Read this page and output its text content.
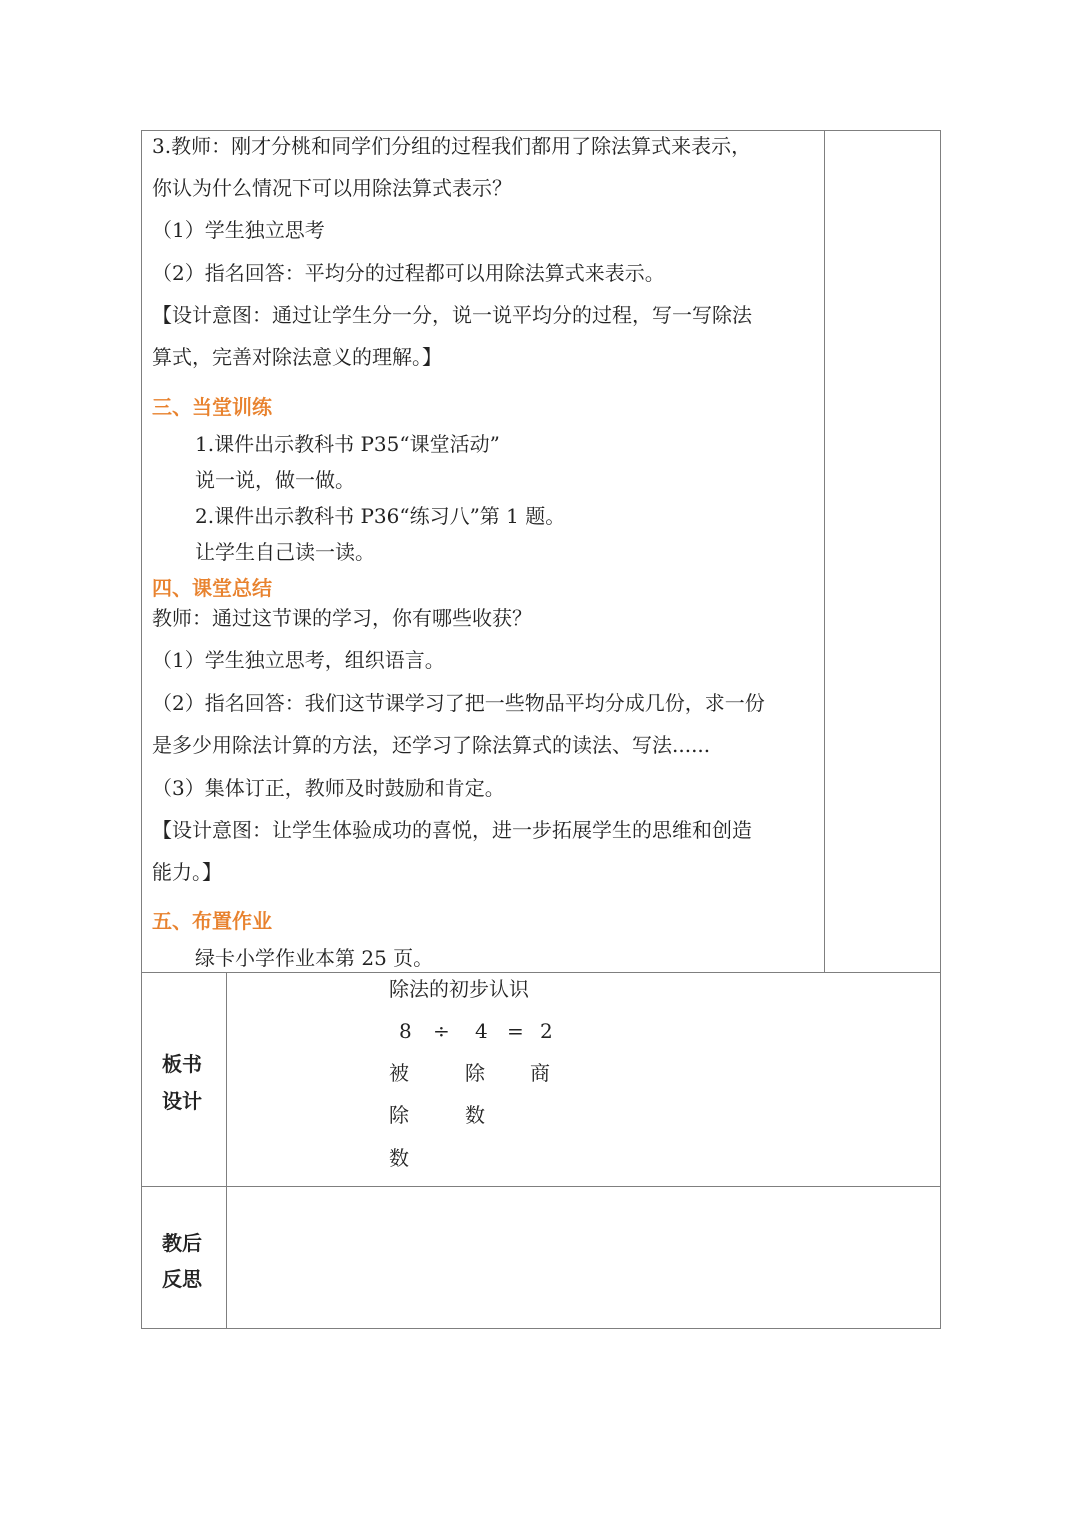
3.教师：刚才分桃和同学们分组的过程我们都用了除法算式来表示，
你认为什么情况下可以用除法算式表示？
（1）学生独立思考
（2）指名回答：平均分的过程都可以用除法算式来表示。
【设计意图：通过让学生分一分，说一说平均分的过程，写一写除法
算式，完善对除法意义的理解。】
三、当堂训练
1.课件出示教科书 P35“课堂活动”
说一说，做一做。
2.课件出示教科书 P36“练习八”第 1 题。
让学生自己读一读。
四、课堂总结
教师：通过这节课的学习，你有哪些收获？
（1）学生独立思考，组织语言。
（2）指名回答：我们这节课学习了把一些物品平均分成几份，求一份
是多少用除法计算的方法，还学习了除法算式的读法、写法......
（3）集体订正，教师及时鼓励和肯定。
【设计意图：让学生体验成功的喜悦，进一步拓展学生的思维和创造
能力。】
五、布置作业
绿卡小学作业本第 25 页。
板书
设计
除法的初步认识
8 ÷ 4 = 2
被
除
数
除
数
商
教后
反思
